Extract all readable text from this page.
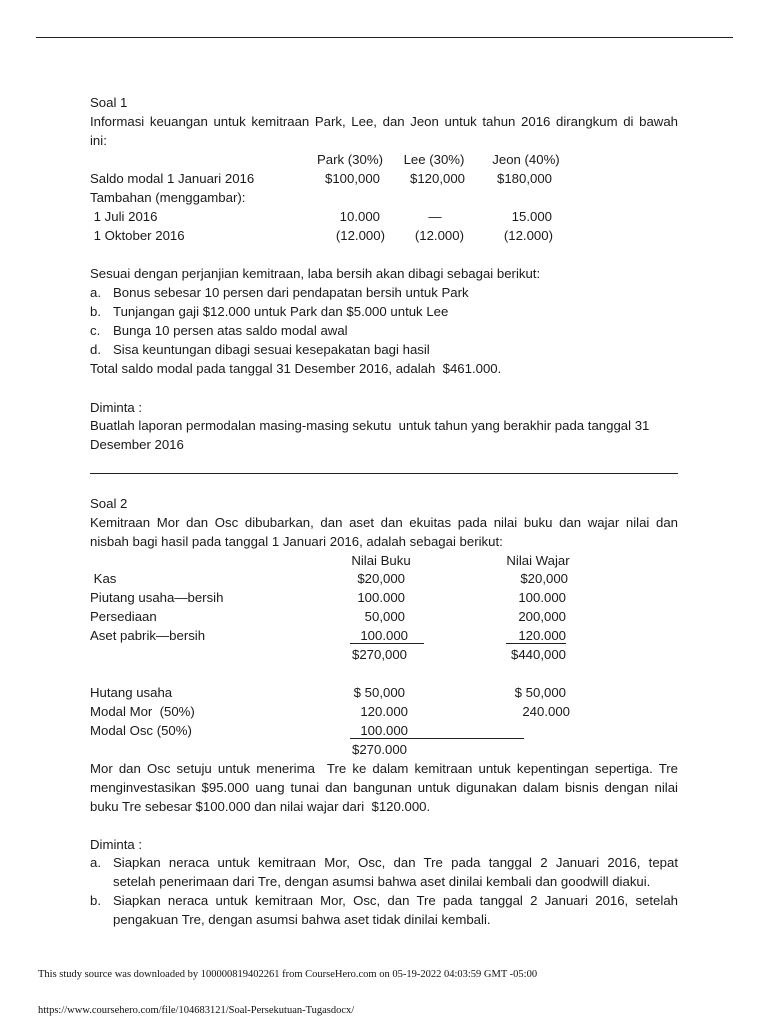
Soal 1
Informasi keuangan untuk kemitraan Park, Lee, dan Jeon untuk tahun 2016 dirangkum di bawah
ini:
Park (30%)	Lee (30%)	Jeon (40%)
Saldo modal 1 Januari 2016	$100,000	$120,000	$180,000
Tambahan (menggambar):
1 Juli 2016	10.000	—	15.000
1 Oktober 2016	(12.000)	(12.000)	(12.000)
Sesuai dengan perjanjian kemitraan, laba bersih akan dibagi sebagai berikut:
a. Bonus sebesar 10 persen dari pendapatan bersih untuk Park
b. Tunjangan gaji $12.000 untuk Park dan $5.000 untuk Lee
c. Bunga 10 persen atas saldo modal awal
d. Sisa keuntungan dibagi sesuai kesepakatan bagi hasil
Total saldo modal pada tanggal 31 Desember 2016, adalah  $461.000.
Diminta :
Buatlah laporan permodalan masing-masing sekutu  untuk tahun yang berakhir pada tanggal 31
Desember 2016
Soal 2
Kemitraan Mor dan Osc dibubarkan, dan aset dan ekuitas pada nilai buku dan wajar nilai dan
nisbah bagi hasil pada tanggal 1 Januari 2016, adalah sebagai berikut:
Nilai Buku	Nilai Wajar
Kas	$20,000	$20,000
Piutang usaha—bersih	100.000	100.000
Persediaan	50,000	200,000
Aset pabrik—bersih	100.000	120.000
$270,000	$440,000
Hutang usaha	$ 50,000	$ 50,000
Modal Mor  (50%)	120.000	240.000
Modal Osc (50%)	100.000
$270.000
Mor dan Osc setuju untuk menerima  Tre ke dalam kemitraan untuk kepentingan sepertiga. Tre
menginvestasikan $95.000 uang tunai dan bangunan untuk digunakan dalam bisnis dengan nilai
buku Tre sebesar $100.000 dan nilai wajar dari  $120.000.
Diminta :
a. Siapkan neraca untuk kemitraan Mor, Osc, dan Tre pada tanggal 2 Januari 2016, tepat
setelah penerimaan dari Tre, dengan asumsi bahwa aset dinilai kembali dan goodwill diakui.
b. Siapkan neraca untuk kemitraan Mor, Osc, dan Tre pada tanggal 2 Januari 2016, setelah
pengakuan Tre, dengan asumsi bahwa aset tidak dinilai kembali.
This study source was downloaded by 100000819402261 from CourseHero.com on 05-19-2022 04:03:59 GMT -05:00
https://www.coursehero.com/file/104683121/Soal-Persekutuan-Tugasdocx/
